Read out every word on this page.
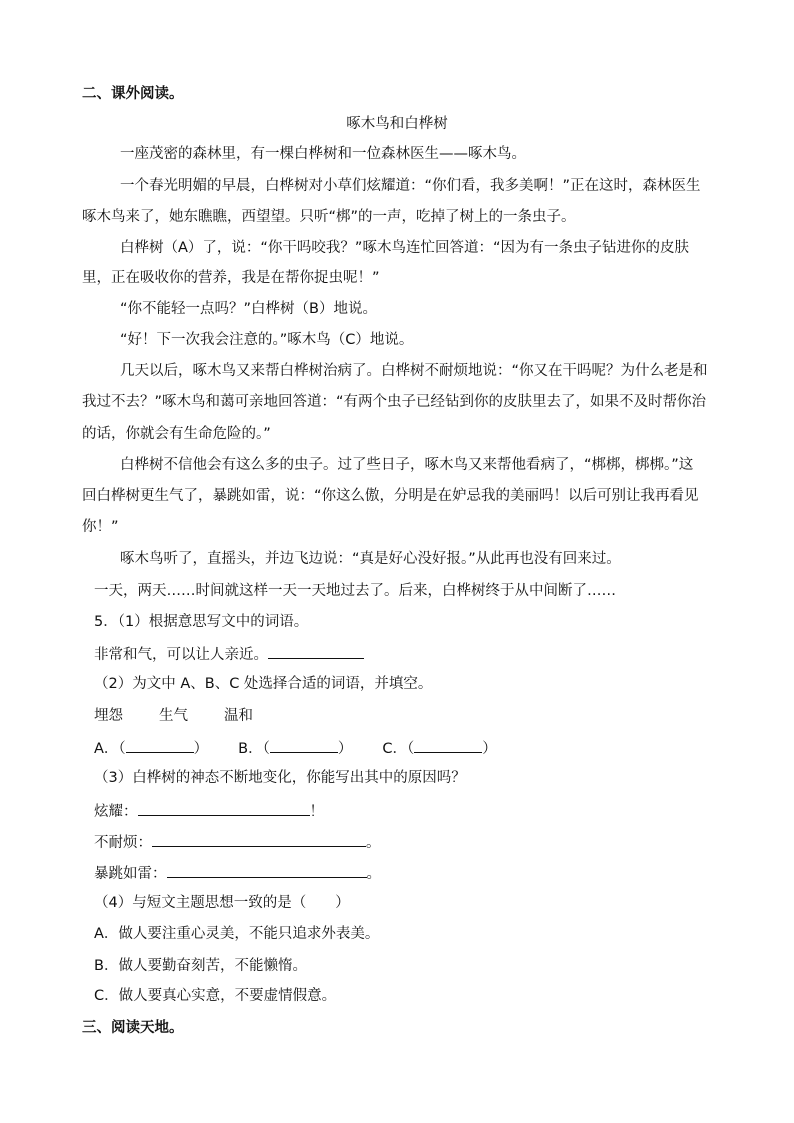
二、课外阅读。
啄木鸟和白桦树
一座茂密的森林里，有一棵白桦树和一位森林医生——啄木鸟。
一个春光明媚的早晨，白桦树对小草们炫耀道：“你们看，我多美啊！”正在这时，森林医生
啄木鸟来了，她东瞧瞧，西望望。只听“梆”的一声，吃掉了树上的一条虫子。
白桦树（A）了，说：“你干吗咬我？”啄木鸟连忙回答道：“因为有一条虫子钻进你的皮肤
里，正在吸收你的营养，我是在帮你捉虫呢！”
“你不能轻一点吗？”白桦树（B）地说。
“好！下一次我会注意的。”啄木鸟（C）地说。
几天以后，啄木鸟又来帮白桦树治病了。白桦树不耐烦地说：“你又在干吗呢？为什么老是和
我过不去？”啄木鸟和蔼可亲地回答道：“有两个虫子已经钻到你的皮肤里去了，如果不及时帮你治
的话，你就会有生命危险的。”
白桦树不信他会有这么多的虫子。过了些日子，啄木鸟又来帮他看病了，“梆梆，梆梆。”这
回白桦树更生气了，暴跳如雷，说：“你这么傲，分明是在妒忌我的美丽吗！以后可别让我再看见
你！”
啄木鸟听了，直摇头，并边飞边说：“真是好心没好报。”从此再也没有回来过。
一天，两天……时间就这样一天一天地过去了。后来，白桦树终于从中间断了……
5．（1）根据意思写文中的词语。
非常和气，可以让人亲近。
（2）为文中 A、B、C 处选择合适的词语，并填空。
埋怨 生气 温和
A．（	） B．（	） C．（	）
（3）白桦树的神态不断地变化，你能写出其中的原因吗？
炫耀：	！
不耐烦：	。
暴跳如雷：	。
（4）与短文主题思想一致的是（　　）
A．做人要注重心灵美，不能只追求外表美。
B．做人要勤奋刻苦，不能懒惰。
C．做人要真心实意，不要虚情假意。
三、阅读天地。
